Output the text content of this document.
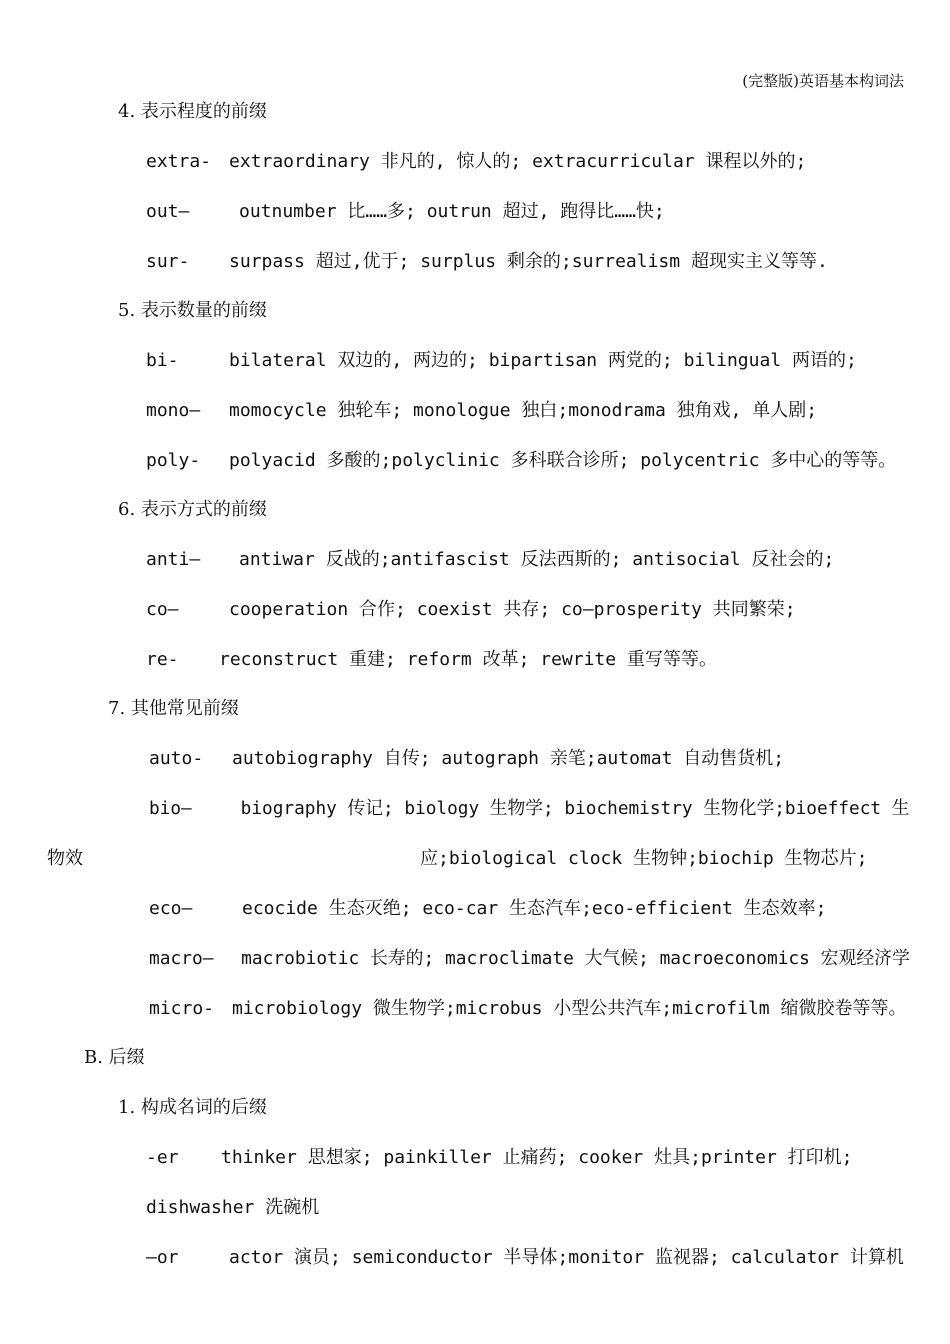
(完整版)英语基本构词法
4. 表示程度的前缀
extra- extraordinary 非凡的, 惊人的; extracurricular 课程以外的;
out—	outnumber 比……多; outrun 超过, 跑得比……快;
sur- surpass 超过,优于; surplus 剩余的;surrealism 超现实主义等等.
5. 表示数量的前缀
bi-	bilateral 双边的, 两边的; bipartisan 两党的; bilingual 两语的;
mono— momocycle 独轮车; monologue 独白;monodrama 独角戏, 单人剧;
poly- polyacid 多酸的;polyclinic 多科联合诊所; polycentric 多中心的等等。
6. 表示方式的前缀
anti— antiwar 反战的;antifascist 反法西斯的; antisocial 反社会的;
co—	cooperation 合作; coexist 共存; co—prosperity 共同繁荣;
re- reconstruct 重建; reform 改革; rewrite 重写等等。
7. 其他常见前缀
auto- autobiography 自传; autograph 亲笔;automat 自动售货机;
bio—	biography 传记; biology 生物学; biochemistry 生物化学;bioeffect 生
物效	应;biological clock 生物钟;biochip 生物芯片;
eco—	ecocide 生态灭绝; eco-car 生态汽车;eco-efficient 生态效率;
macro— macrobiotic 长寿的; macroclimate 大气候; macroeconomics 宏观经济学
micro- microbiology 微生物学;microbus 小型公共汽车;microfilm 缩微胶卷等等。
B. 后缀
1. 构成名词的后缀
-er thinker 思想家; painkiller 止痛药; cooker 灶具;printer 打印机;
dishwasher 洗碗机
—or	actor 演员; semiconductor 半导体;monitor 监视器; calculator 计算机
